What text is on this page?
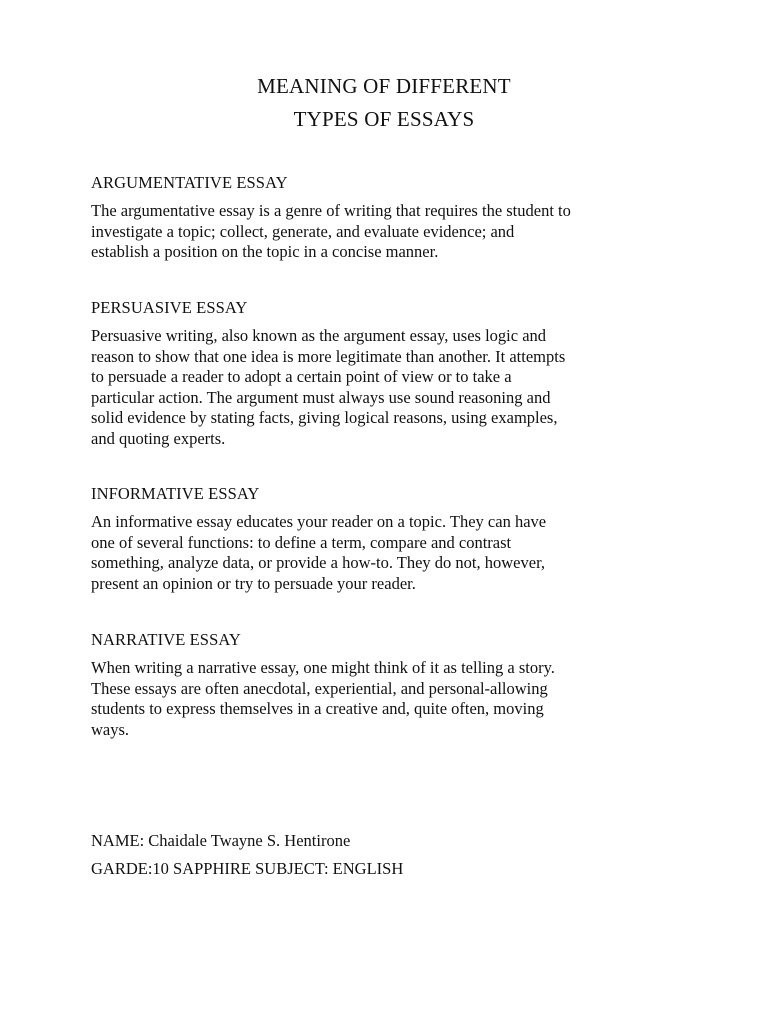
MEANING OF DIFFERENT
TYPES OF ESSAYS
ARGUMENTATIVE ESSAY

The argumentative essay is a genre of writing that requires the student to
investigate a topic; collect, generate, and evaluate evidence; and
establish a position on the topic in a concise manner.

PERSUASIVE ESSAY

Persuasive writing, also known as the argument essay, uses logic and
reason to show that one idea is more legitimate than another. It attempts
to persuade a reader to adopt a certain point of view or to take a
particular action. The argument must always use sound reasoning and
solid evidence by stating facts, giving logical reasons, using examples,
and quoting experts.

INFORMATIVE ESSAY

An informative essay educates your reader on a topic. They can have
one of several functions: to define a term, compare and contrast
something, analyze data, or provide a how-to. They do not, however,
present an opinion or try to persuade your reader.

NARRATIVE ESSAY

When writing a narrative essay, one might think of it as telling a story.
These essays are often anecdotal, experiential, and personal-allowing
students to express themselves in a creative and, quite often, moving
ways.

NAME: Chaidale Twayne S. Hentirone
GARDE:10 SAPPHIRE SUBJECT: ENGLISH
